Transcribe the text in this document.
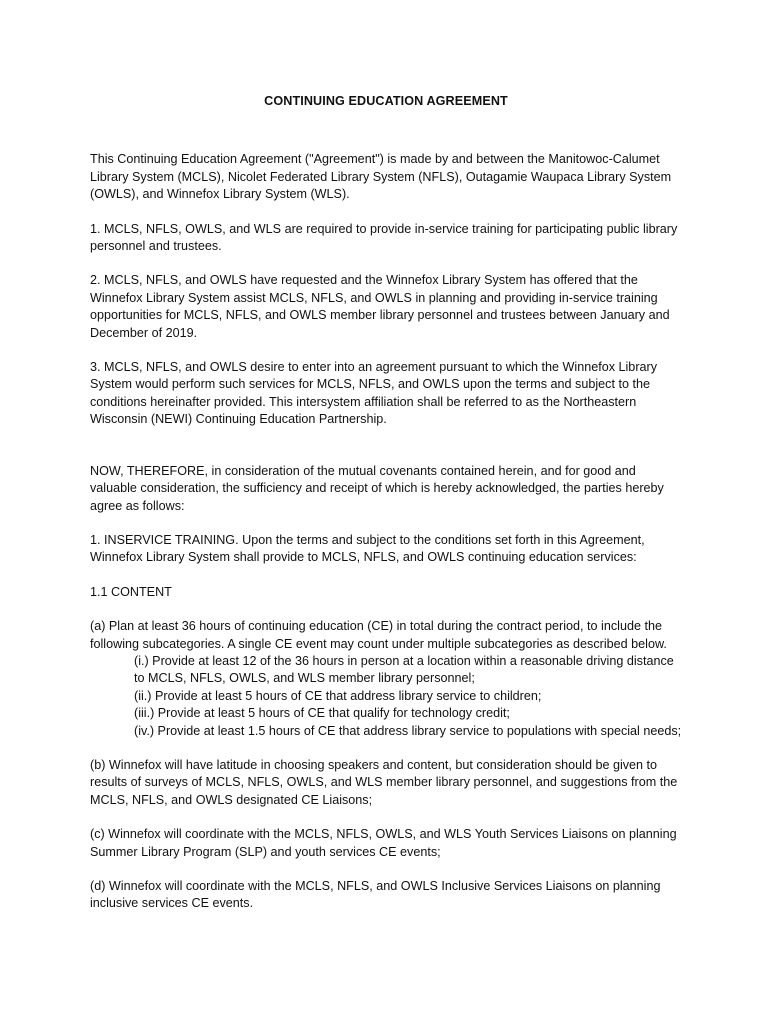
CONTINUING EDUCATION AGREEMENT

This Continuing Education Agreement ("Agreement") is made by and between the Manitowoc-Calumet Library System (MCLS), Nicolet Federated Library System (NFLS), Outagamie Waupaca Library System (OWLS), and Winnefox Library System (WLS).

1. MCLS, NFLS, OWLS, and WLS are required to provide in-service training for participating public library personnel and trustees.

2. MCLS, NFLS, and OWLS have requested and the Winnefox Library System has offered that the Winnefox Library System assist MCLS, NFLS, and OWLS in planning and providing in-service training opportunities for MCLS, NFLS, and OWLS member library personnel and trustees between January and December of 2019.

3. MCLS, NFLS, and OWLS desire to enter into an agreement pursuant to which the Winnefox Library System would perform such services for MCLS, NFLS, and OWLS upon the terms and subject to the conditions hereinafter provided. This intersystem affiliation shall be referred to as the Northeastern Wisconsin (NEWI) Continuing Education Partnership.

NOW, THEREFORE, in consideration of the mutual covenants contained herein, and for good and valuable consideration, the sufficiency and receipt of which is hereby acknowledged, the parties hereby agree as follows:

1. INSERVICE TRAINING. Upon the terms and subject to the conditions set forth in this Agreement, Winnefox Library System shall provide to MCLS, NFLS, and OWLS continuing education services:

1.1 CONTENT

(a) Plan at least 36 hours of continuing education (CE) in total during the contract period, to include the following subcategories. A single CE event may count under multiple subcategories as described below.

(i.) Provide at least 12 of the 36 hours in person at a location within a reasonable driving distance to MCLS, NFLS, OWLS, and WLS member library personnel;
(ii.) Provide at least 5 hours of CE that address library service to children;
(iii.) Provide at least 5 hours of CE that qualify for technology credit;
(iv.) Provide at least 1.5 hours of CE that address library service to populations with special needs;

(b) Winnefox will have latitude in choosing speakers and content, but consideration should be given to results of surveys of MCLS, NFLS, OWLS, and WLS member library personnel, and suggestions from the MCLS, NFLS, and OWLS designated CE Liaisons;

(c) Winnefox will coordinate with the MCLS, NFLS, OWLS, and WLS Youth Services Liaisons on planning Summer Library Program (SLP) and youth services CE events;

(d) Winnefox will coordinate with the MCLS, NFLS, and OWLS Inclusive Services Liaisons on planning inclusive services CE events.
